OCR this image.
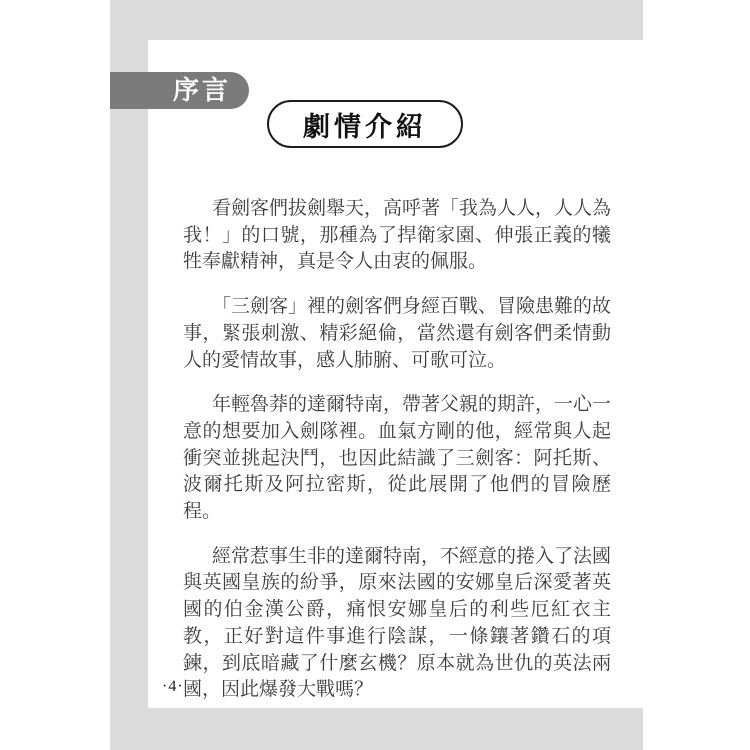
序言
劇情介紹

看劍客們拔劍舉天，高呼著「我為人人，人人為我！」的口號，那種為了捍衛家園、伸張正義的犧牲奉獻精神，真是令人由衷的佩服。

「三劍客」裡的劍客們身經百戰、冒險患難的故事，緊張刺激、精彩絕倫，當然還有劍客們柔情動人的愛情故事，感人肺腑、可歌可泣。

年輕魯莽的達爾特南，帶著父親的期許，一心一意的想要加入劍隊裡。血氣方剛的他，經常與人起衝突並挑起決鬥，也因此結識了三劍客：阿托斯、波爾托斯及阿拉密斯，從此展開了他們的冒險歷程。

經常惹事生非的達爾特南，不經意的捲入了法國與英國皇族的紛爭，原來法國的安娜皇后深愛著英國的伯金漢公爵，痛恨安娜皇后的利些厄紅衣主教，正好對這件事進行陰謀，一條鑲著鑽石的項鍊，到底暗藏了什麼玄機？原本就為世仇的英法兩國，因此爆發大戰嗎？

·4·
